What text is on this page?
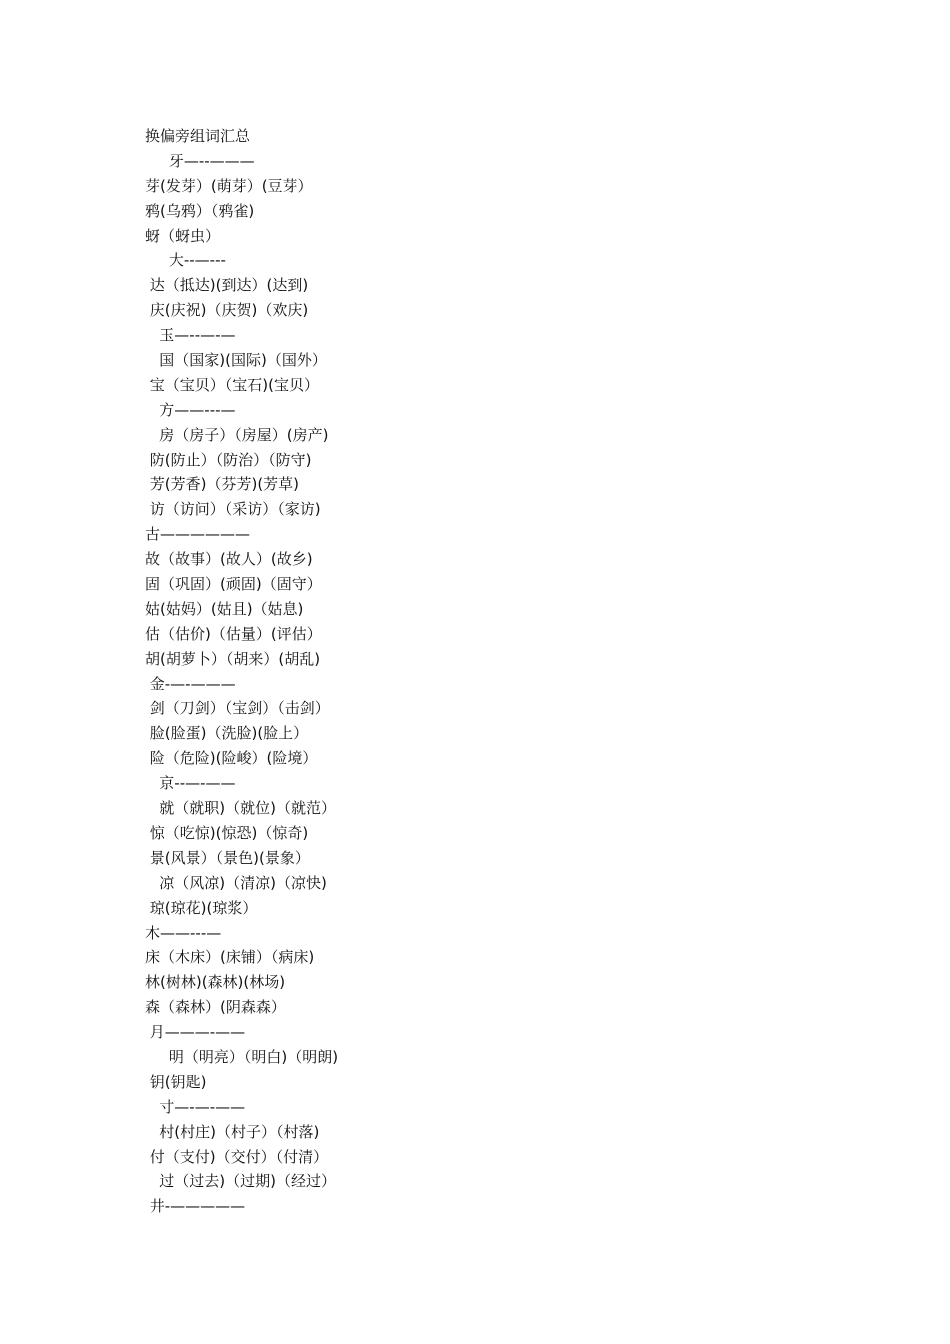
换偏旁组词汇总
牙—--———
芽(发芽）(萌芽）(豆芽）
鸦(乌鸦）（鸦雀)
蚜（蚜虫）
大--—---
达（抵达)(到达）(达到)
庆(庆祝)（庆贺)（欢庆)
玉—--—-—
国（国家)(国际)（国外）
宝（宝贝）（宝石)(宝贝）
方——---—
房（房子）（房屋）(房产)
防(防止）（防治）（防守)
芳(芳香)（芬芳)(芳草)
访（访问）（采访）（家访)
古——————
故（故事）(故人）(故乡)
固（巩固）(顽固)（固守）
姑(姑妈）(姑且)（姑息)
估（估价)（估量）(评估）
胡(胡萝卜）（胡来）(胡乱)
金-—-———
剑（刀剑）（宝剑）（击剑）
脸(脸蛋)（洗脸)(脸上）
险（危险)(险峻）(险境）
京--—-——
就（就职)（就位)（就范）
惊（吃惊)(惊恐)（惊奇)
景(风景）（景色)(景象）
凉（风凉)（清凉)（凉快)
琼(琼花)(琼浆）
木——---—
床（木床）(床铺）（病床)
林(树林)(森林)(林场)
森（森林）(阴森森）
月———-——
明（明亮）（明白)（明朗)
钥(钥匙)
寸—-—-——
村(村庄)（村子）（村落)
付（支付)（交付）（付清）
过（过去)（过期)（经过）
井-—————
